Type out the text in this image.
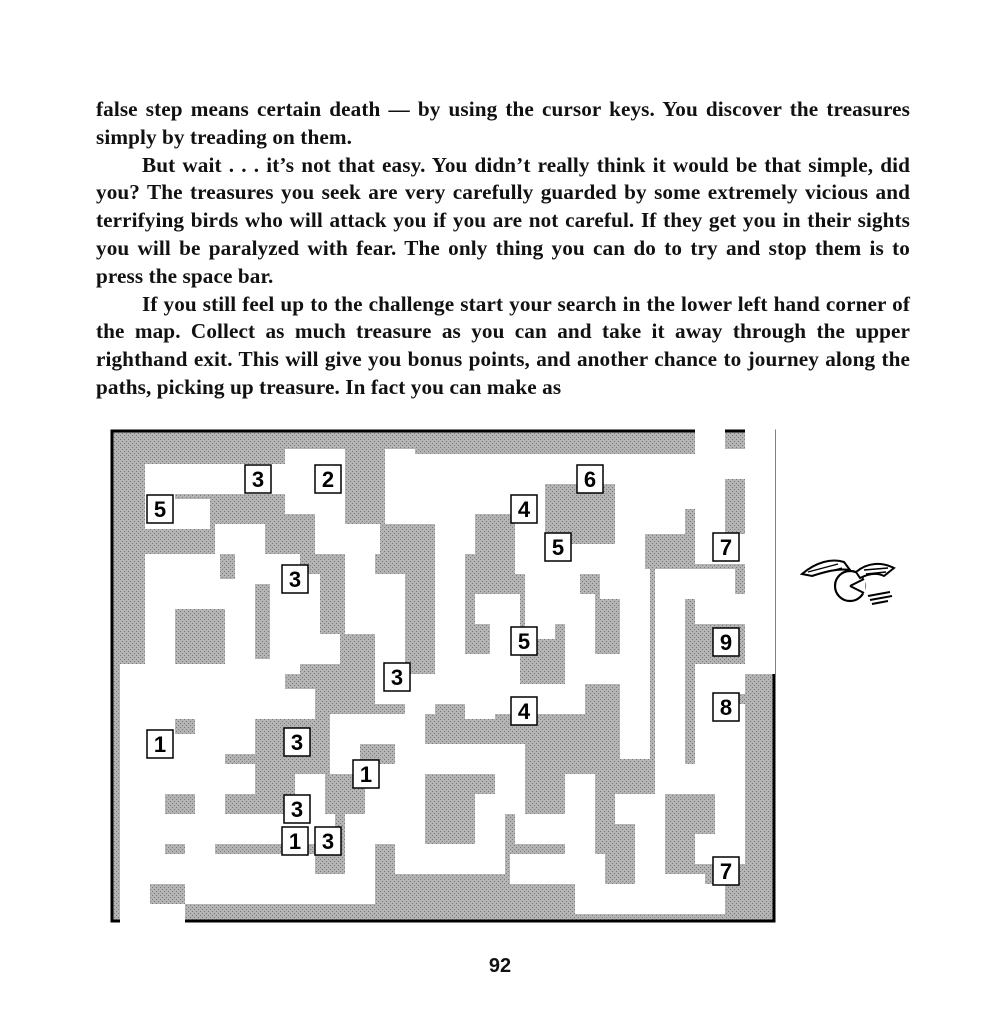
false step means certain death — by using the cursor keys. You discover the treasures simply by treading on them.

But wait . . . it’s not that easy. You didn’t really think it would be that simple, did you? The treasures you seek are very carefully guarded by some extremely vicious and terrifying birds who will attack you if you are not careful. If they get you in their sights you will be paralyzed with fear. The only thing you can do to try and stop them is to press the space bar.

If you still feel up to the challenge start your search in the lower left hand corner of the map. Collect as much treasure as you can and take it away through the upper righthand exit. This will give you bonus points, and another chance to journey along the paths, picking up treasure. In fact you can make as

3	2	6
5	4
5	7
3
5	9
3
4	8
1	3
1
3
1 3
7
92
